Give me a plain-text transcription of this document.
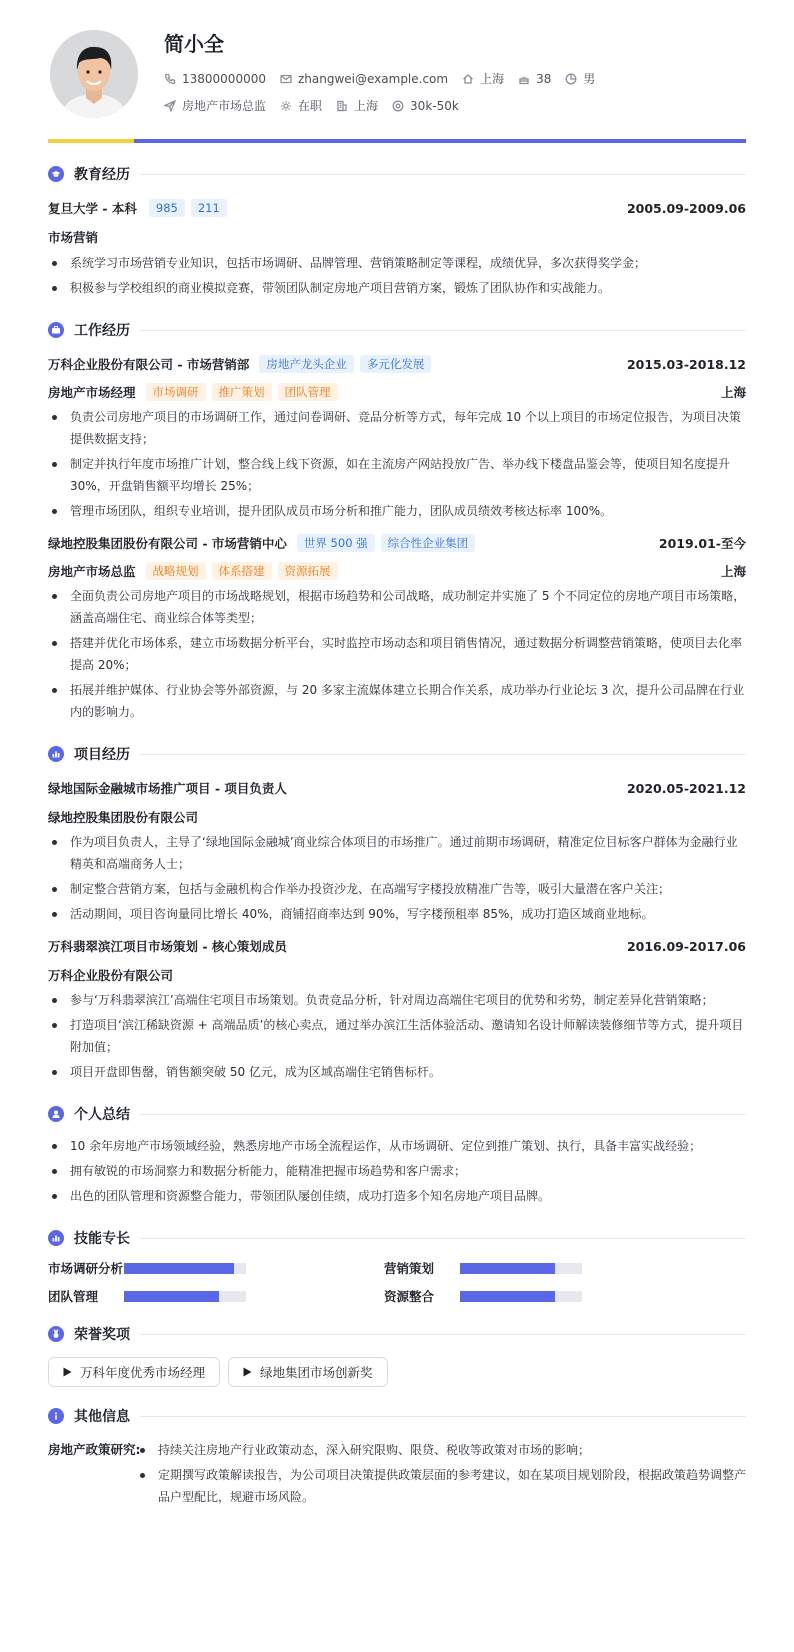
简小全
13800000000	zhangwei@example.com	上海	38	男
房地产市场总监	在职	上海	30k-50k
教育经历
复旦大学 - 本科	985	211	2005.09-2009.06
市场营销
系统学习市场营销专业知识，包括市场调研、品牌管理、营销策略制定等课程，成绩优异，多次获得奖学金；
积极参与学校组织的商业模拟竞赛，带领团队制定房地产项目营销方案，锻炼了团队协作和实战能力。
工作经历
万科企业股份有限公司 - 市场营销部	房地产龙头企业	多元化发展	2015.03-2018.12
房地产市场经理	市场调研	推广策划	团队管理	上海
负责公司房地产项目的市场调研工作，通过问卷调研、竞品分析等方式，每年完成 10 个以上项目的市场定位报告，为项目决策提供数据支持；
制定并执行年度市场推广计划，整合线上线下资源，如在主流房产网站投放广告、举办线下楼盘品鉴会等，使项目知名度提升 30%，开盘销售额平均增长 25%；
管理市场团队，组织专业培训，提升团队成员市场分析和推广能力，团队成员绩效考核达标率 100%。
绿地控股集团股份有限公司 - 市场营销中心	世界 500 强	综合性企业集团	2019.01-至今
房地产市场总监	战略规划	体系搭建	资源拓展	上海
全面负责公司房地产项目的市场战略规划，根据市场趋势和公司战略，成功制定并实施了 5 个不同定位的房地产项目市场策略，涵盖高端住宅、商业综合体等类型；
搭建并优化市场体系，建立市场数据分析平台，实时监控市场动态和项目销售情况，通过数据分析调整营销策略，使项目去化率提高 20%；
拓展并维护媒体、行业协会等外部资源，与 20 多家主流媒体建立长期合作关系，成功举办行业论坛 3 次，提升公司品牌在行业内的影响力。
项目经历
绿地国际金融城市场推广项目 - 项目负责人	2020.05-2021.12
绿地控股集团股份有限公司
作为项目负责人，主导了‘绿地国际金融城’商业综合体项目的市场推广。通过前期市场调研，精准定位目标客户群体为金融行业精英和高端商务人士；
制定整合营销方案，包括与金融机构合作举办投资沙龙、在高端写字楼投放精准广告等，吸引大量潜在客户关注；
活动期间，项目咨询量同比增长 40%，商铺招商率达到 90%，写字楼预租率 85%，成功打造区域商业地标。
万科翡翠滨江项目市场策划 - 核心策划成员	2016.09-2017.06
万科企业股份有限公司
参与‘万科翡翠滨江’高端住宅项目市场策划。负责竞品分析，针对周边高端住宅项目的优势和劣势，制定差异化营销策略；
打造项目‘滨江稀缺资源 + 高端品质’的核心卖点，通过举办滨江生活体验活动、邀请知名设计师解读装修细节等方式，提升项目附加值；
项目开盘即售罄，销售额突破 50 亿元，成为区域高端住宅销售标杆。
个人总结
10 余年房地产市场领域经验，熟悉房地产市场全流程运作，从市场调研、定位到推广策划、执行，具备丰富实战经验；
拥有敏锐的市场洞察力和数据分析能力，能精准把握市场趋势和客户需求；
出色的团队管理和资源整合能力，带领团队屡创佳绩，成功打造多个知名房地产项目品牌。
技能专长
市场调研分析	营销策划
团队管理	资源整合
荣誉奖项
万科年度优秀市场经理	绿地集团市场创新奖
其他信息
房地产政策研究:	持续关注房地产行业政策动态，深入研究限购、限贷、税收等政策对市场的影响；
定期撰写政策解读报告，为公司项目决策提供政策层面的参考建议，如在某项目规划阶段，根据政策趋势调整产品户型配比，规避市场风险。
